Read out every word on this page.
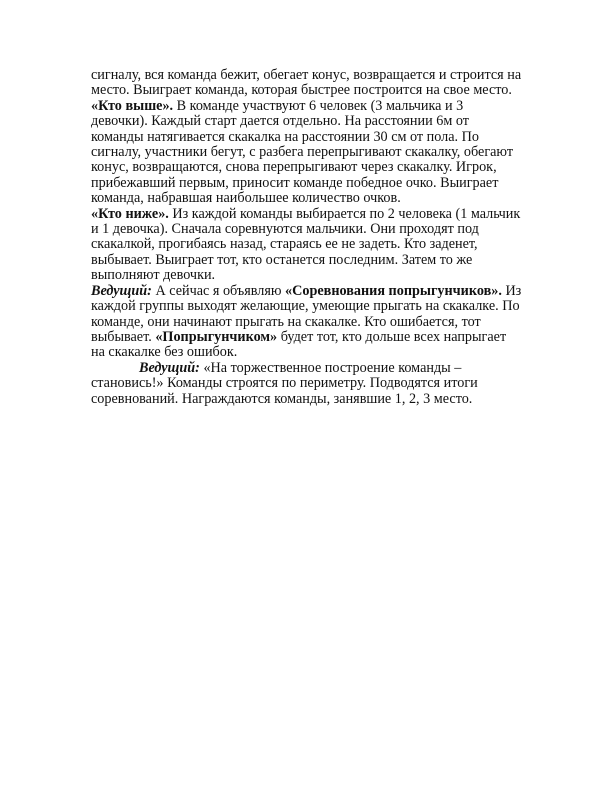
сигналу, вся команда бежит, обегает конус, возвращается и строится на место. Выиграет команда, которая быстрее построится на свое место.

«Кто выше». В команде участвуют 6 человек (3 мальчика и 3 девочки). Каждый старт дается отдельно. На расстоянии 6м от команды натягивается скакалка на расстоянии 30 см от пола. По сигналу, участники бегут, с разбега перепрыгивают скакалку, обегают конус, возвращаются, снова перепрыгивают через скакалку. Игрок, прибежавший первым, приносит команде победное очко. Выиграет команда, набравшая наибольшее количество очков.

«Кто ниже». Из каждой команды выбирается по 2 человека (1 мальчик и 1 девочка). Сначала соревнуются мальчики. Они проходят под скакалкой, прогибаясь назад, стараясь ее не задеть. Кто заденет, выбывает. Выиграет тот, кто останется последним. Затем то же выполняют девочки.

Ведущий: А сейчас я объявляю «Соревнования попрыгунчиков». Из каждой группы выходят желающие, умеющие прыгать на скакалке. По команде, они начинают прыгать на скакалке. Кто ошибается, тот выбывает. «Попрыгунчиком» будет тот, кто дольше всех напрыгает на скакалке без ошибок.

Ведущий: «На торжественное построение команды – становись!» Команды строятся по периметру. Подводятся итоги соревнований. Награждаются команды, занявшие 1, 2, 3 место.
